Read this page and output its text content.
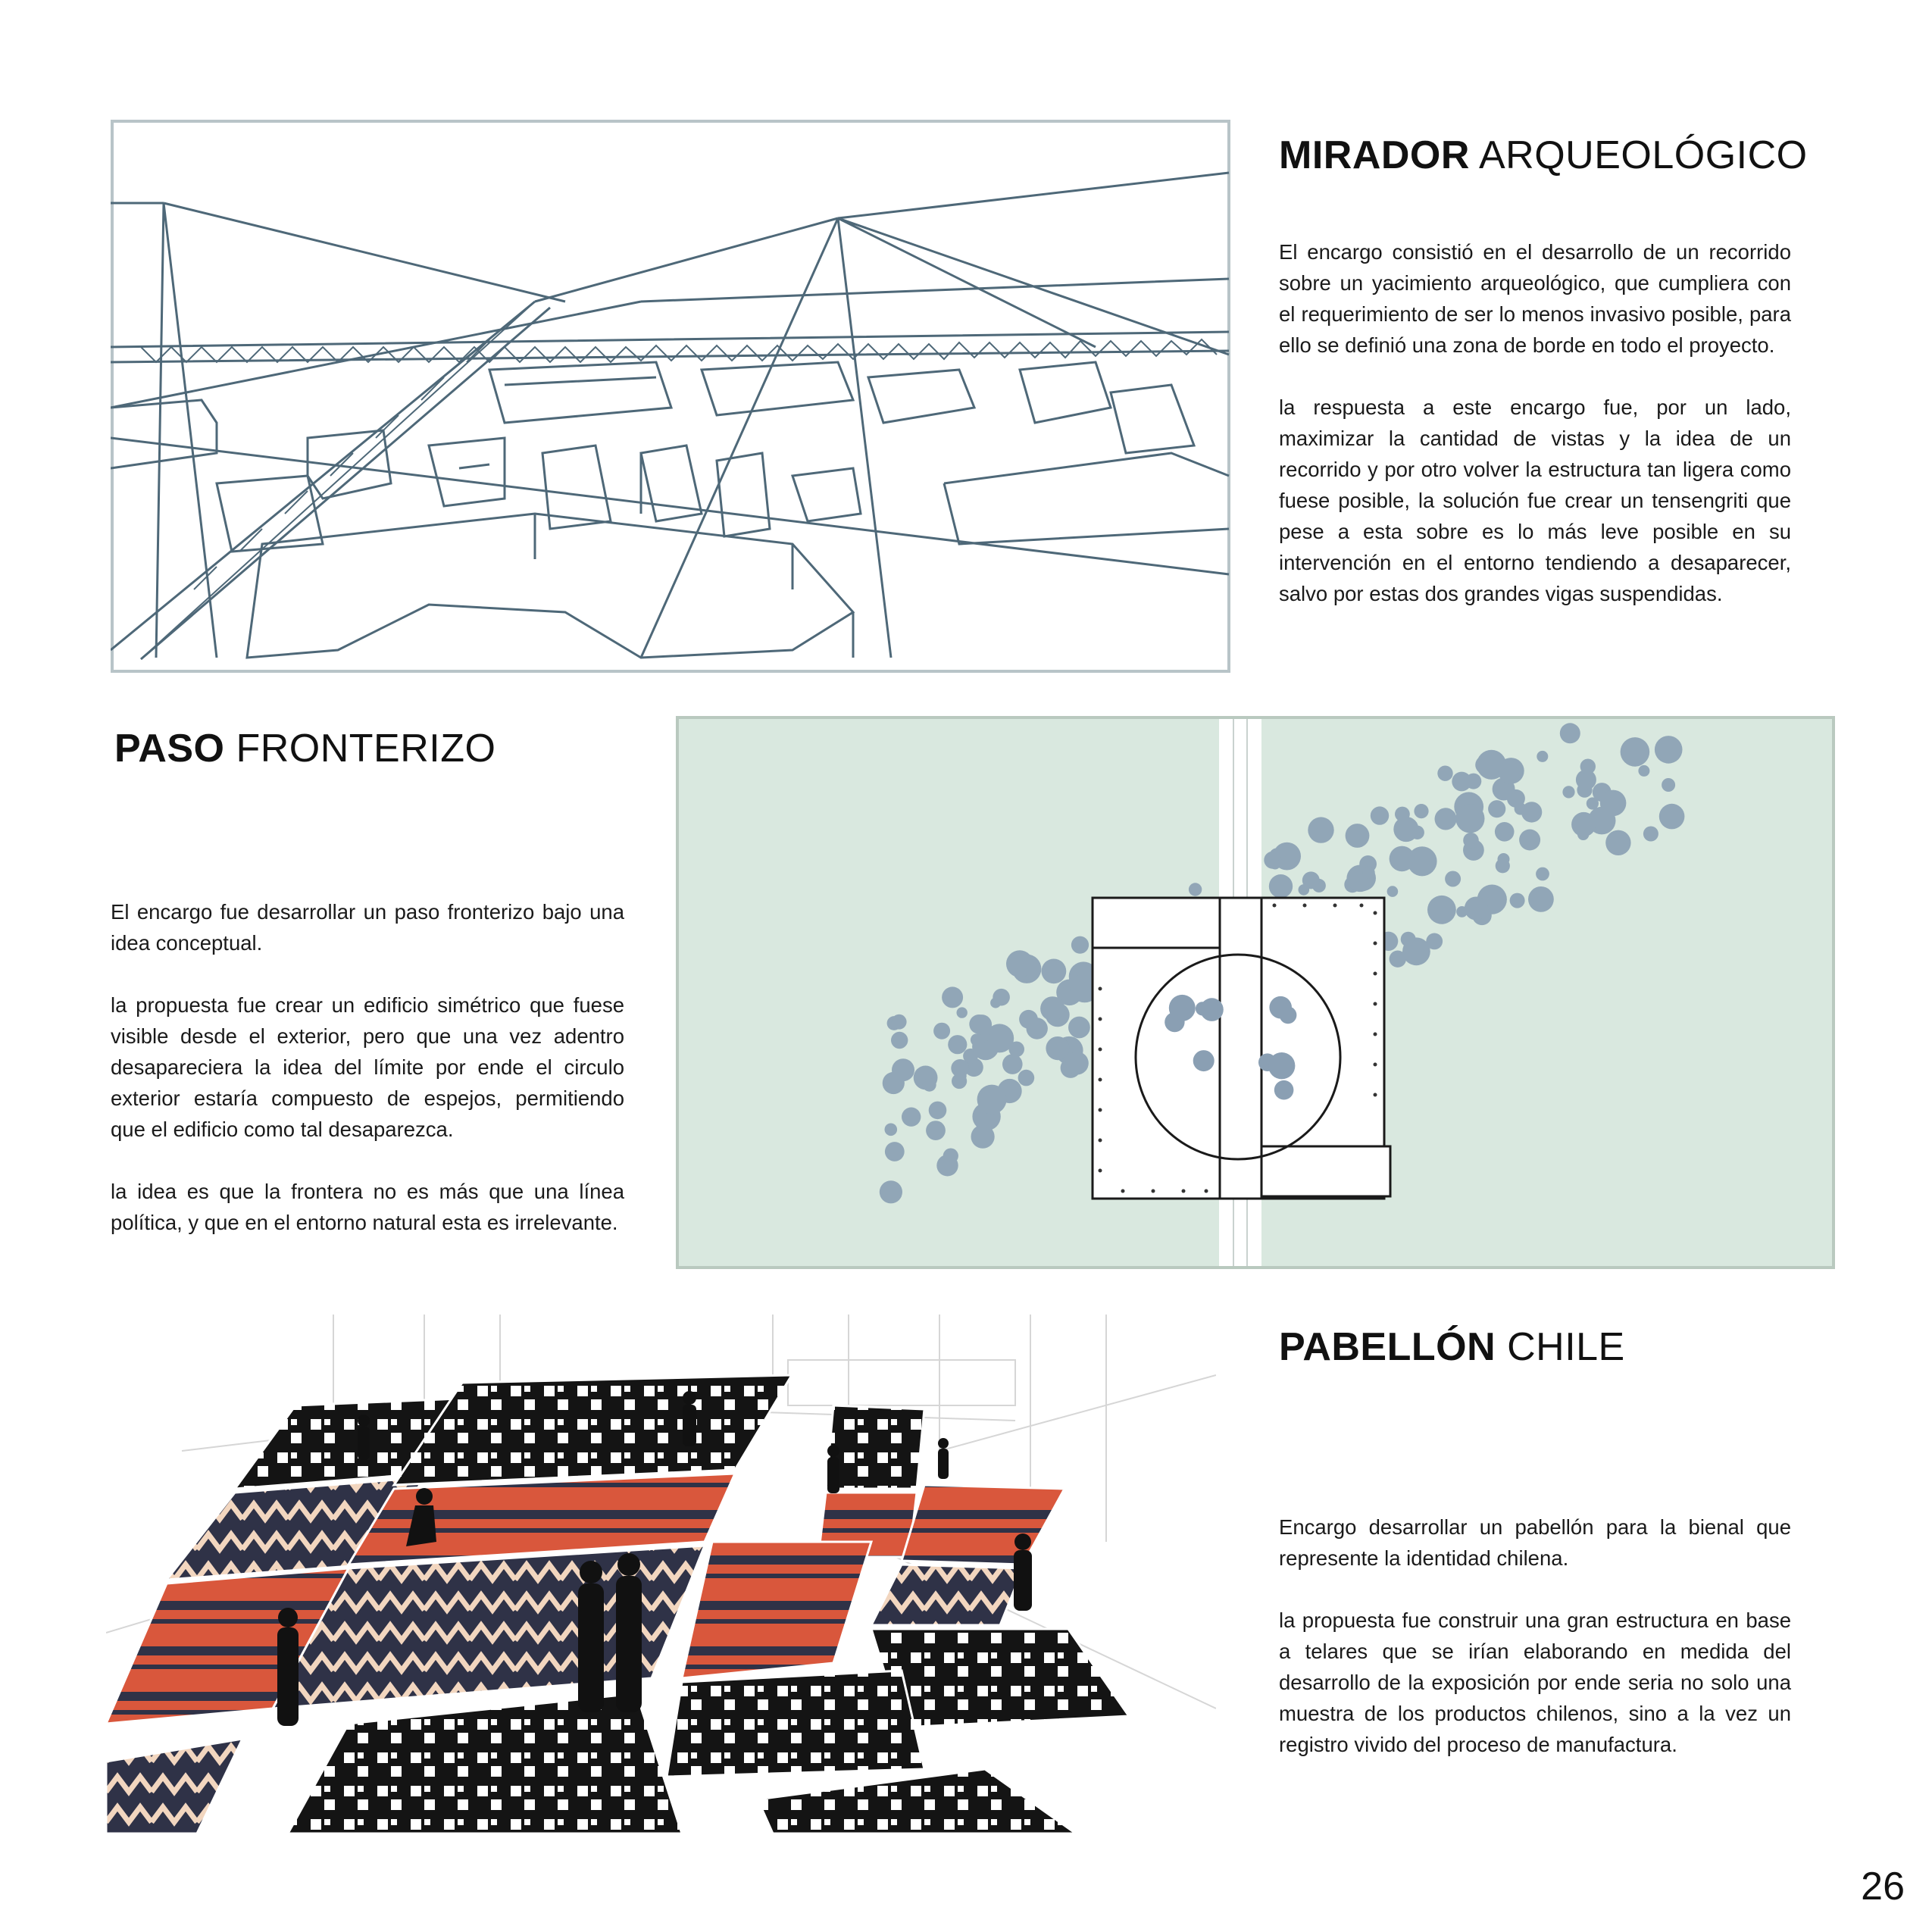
MIRADOR ARQUEOLÓGICO

El encargo consistió en el desarrollo de un recorrido sobre un yacimiento arqueológico, que cumpliera con el requerimiento de ser lo menos invasivo posible, para ello se definió una zona de borde en todo el proyecto.

la respuesta a este encargo fue, por un lado, maximizar la cantidad de vistas y la idea de un recorrido y por otro volver la estructura tan ligera como fuese posible, la solución fue crear un tensengriti que pese a esta sobre es lo más leve posible en su intervención en el entorno tendiendo a desaparecer, salvo por estas dos grandes vigas suspendidas.

PASO FRONTERIZO

El encargo fue desarrollar un paso fronterizo bajo una idea conceptual.

la propuesta fue crear un edificio simétrico que fuese visible desde el exterior, pero que una vez adentro desapareciera la idea del límite por ende el circulo exterior estaría compuesto de espejos, permitiendo que el edificio como tal desaparezca.

la idea es que la frontera no es más que una línea política, y que en el entorno natural esta es irrelevante.

PABELLÓN CHILE

Encargo desarrollar un pabellón para la bienal que represente la identidad chilena.

la propuesta fue construir una gran estructura en base a telares que se irían elaborando en medida del desarrollo de la exposición por ende seria no solo una muestra de los productos chilenos, sino a la vez un registro vivido del proceso de manufactura.

26
